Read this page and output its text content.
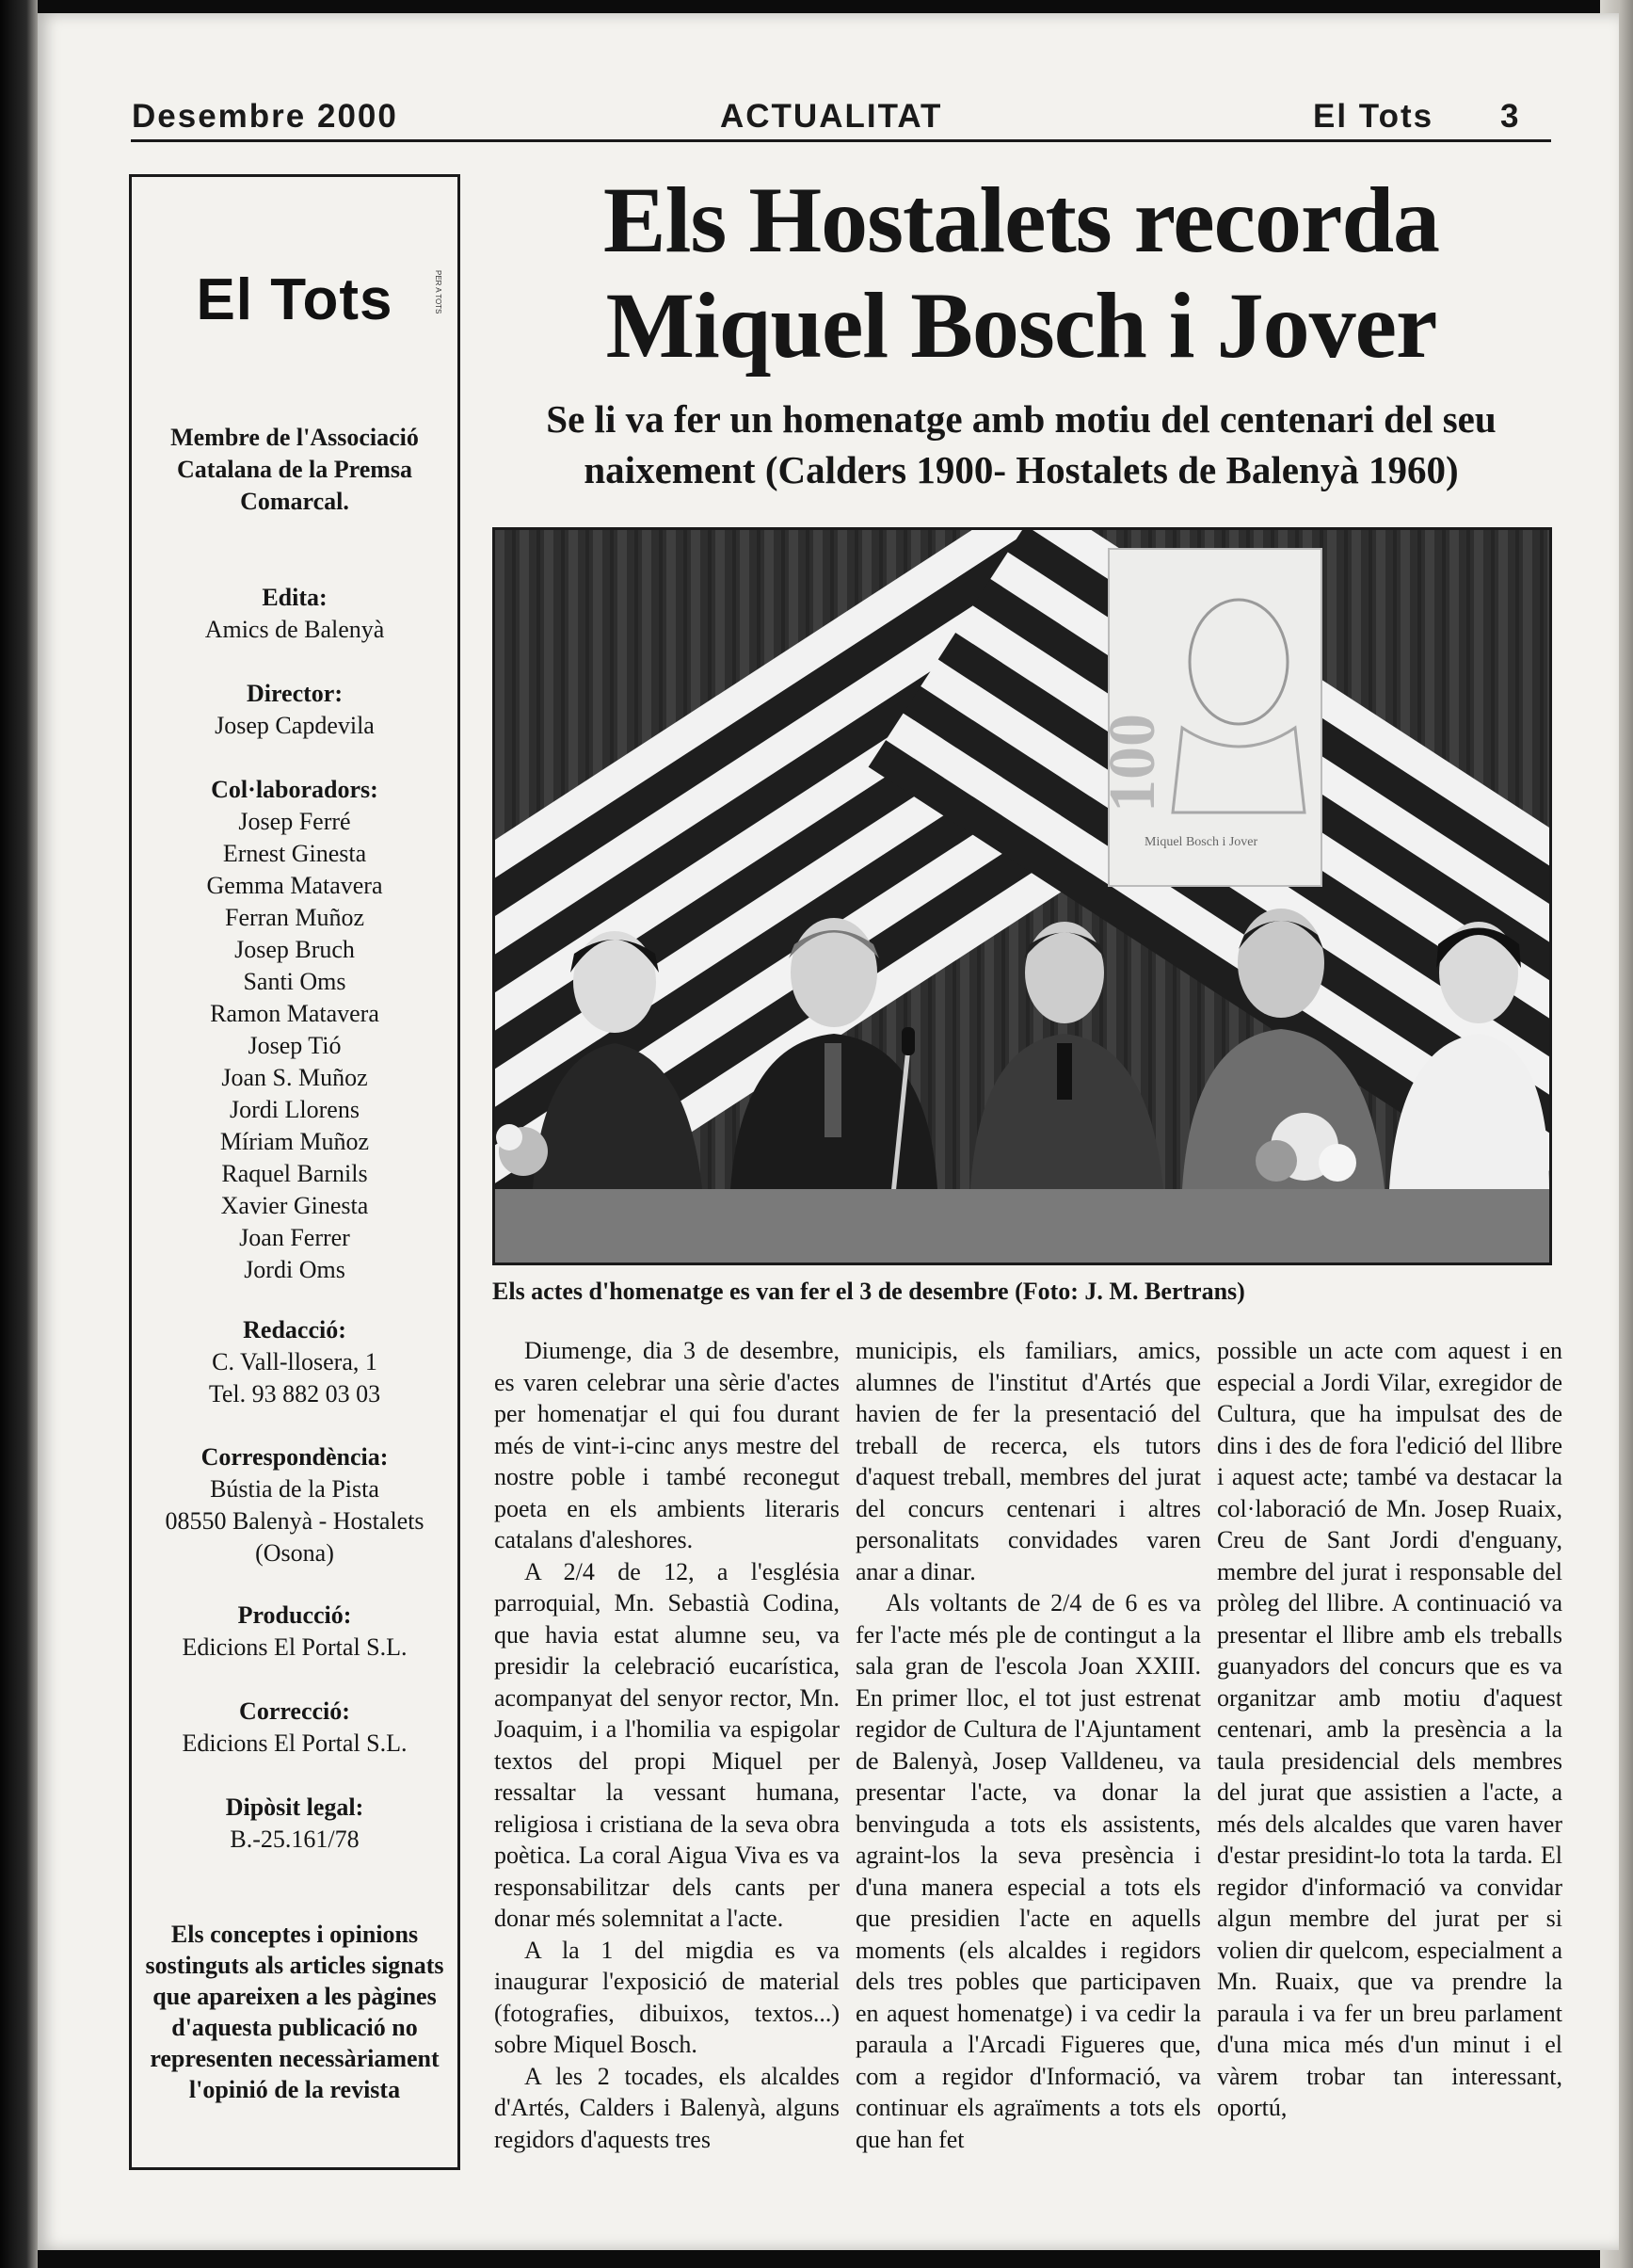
Desembre 2000	ACTUALITAT	El Tots 3
El Tots	PER A TOTS
Membre de l'Associació Catalana de la Premsa Comarcal.
Edita:
Amics de Balenyà
Director:
Josep Capdevila
Col·laboradors:
Josep Ferré
Ernest Ginesta
Gemma Matavera
Ferran Muñoz
Josep Bruch
Santi Oms
Ramon Matavera
Josep Tió
Joan S. Muñoz
Jordi Llorens
Míriam Muñoz
Raquel Barnils
Xavier Ginesta
Joan Ferrer
Jordi Oms
Redacció:
C. Vall-llosera, 1
Tel. 93 882 03 03
Correspondència:
Bústia de la Pista
08550 Balenyà - Hostalets
(Osona)
Producció:
Edicions El Portal S.L.
Correcció:
Edicions El Portal S.L.
Dipòsit legal:
B.-25.161/78
Els conceptes i opinions sostinguts als articles signats que apareixen a les pàgines d'aquesta publicació no representen necessàriament l'opinió de la revista
Els Hostalets recorda
Miquel Bosch i Jover
Se li va fer un homenatge amb motiu del centenari del seu
naixement (Calders 1900- Hostalets de Balenyà 1960)
100
Miquel Bosch i Jover
Els actes d'homenatge es van fer el 3 de desembre (Foto: J. M. Bertrans)

Diumenge, dia 3 de desembre, es varen celebrar una sèrie d'actes per homenatjar el qui fou durant més de vint-i-cinc anys mestre del nostre poble i també reconegut poeta en els ambients literaris catalans d'aleshores.

A 2/4 de 12, a l'església parroquial, Mn. Sebastià Codina, que havia estat alumne seu, va presidir la celebració eucarística, acompanyat del senyor rector, Mn. Joaquim, i a l'homilia va espigolar textos del propi Miquel per ressaltar la vessant humana, religiosa i cristiana de la seva obra poètica. La coral Aigua Viva es va responsabilitzar dels cants per donar més solemnitat a l'acte.

A la 1 del migdia es va inaugurar l'exposició de material (fotografies, dibuixos, textos...) sobre Miquel Bosch.

A les 2 tocades, els alcaldes d'Artés, Calders i Balenyà, alguns regidors d'aquests tres

municipis, els familiars, amics, alumnes de l'institut d'Artés que havien de fer la presentació del treball de recerca, els tutors d'aquest treball, membres del jurat del concurs centenari i altres personalitats convidades varen anar a dinar.

Als voltants de 2/4 de 6 es va fer l'acte més ple de contingut a la sala gran de l'escola Joan XXIII. En primer lloc, el tot just estrenat regidor de Cultura de l'Ajuntament de Balenyà, Josep Valldeneu, va presentar l'acte, va donar la benvinguda a tots els assistents, agraint-los la seva presència i d'una manera especial a tots els que presidien l'acte en aquells moments (els alcaldes i regidors dels tres pobles que participaven en aquest homenatge) i va cedir la paraula a l'Arcadi Figueres que, com a regidor d'Informació, va continuar els agraïments a tots els que han fet

possible un acte com aquest i en especial a Jordi Vilar, exregidor de Cultura, que ha impulsat des de dins i des de fora l'edició del llibre i aquest acte; també va destacar la col·laboració de Mn. Josep Ruaix, Creu de Sant Jordi d'enguany, membre del jurat i responsable del pròleg del llibre. A continuació va presentar el llibre amb els treballs guanyadors del concurs que es va organitzar amb motiu d'aquest centenari, amb la presència a la taula presidencial dels membres del jurat que assistien a l'acte, a més dels alcaldes que varen haver d'estar presidint-lo tota la tarda. El regidor d'informació va convidar algun membre del jurat per si volien dir quelcom, especialment a Mn. Ruaix, que va prendre la paraula i va fer un breu parlament d'una mica més d'un minut i el vàrem trobar tan interessant, oportú,
